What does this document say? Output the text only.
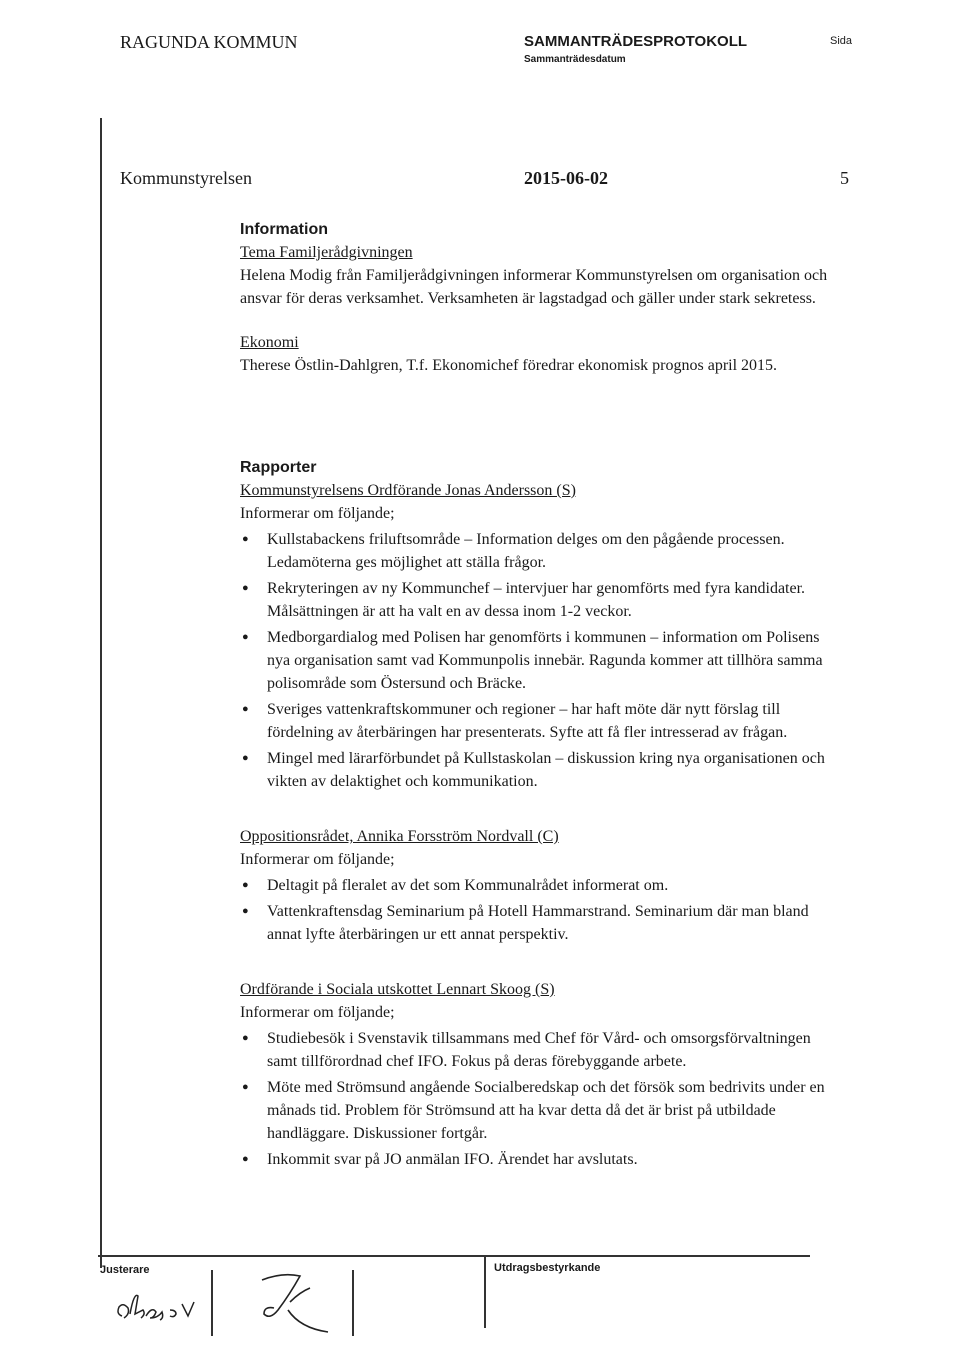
RAGUNDA KOMMUN	SAMMANTRÄDESPROTOKOLL
Sammanträdesdatum
Sida
Kommunstyrelsen	2015-06-02	5

Information

Tema Familjerådgivningen

Helena Modig från Familjerådgivningen informerar Kommunstyrelsen om organisation och ansvar för deras verksamhet. Verksamheten är lagstadgad och gäller under stark sekretess.

Ekonomi

Therese Östlin-Dahlgren, T.f. Ekonomichef föredrar ekonomisk prognos april 2015.

Rapporter

Kommunstyrelsens Ordförande Jonas Andersson (S)

Informerar om följande;

● Kullstabackens friluftsområde – Information delges om den pågående processen. Ledamöterna ges möjlighet att ställa frågor.
● Rekryteringen av ny Kommunchef – intervjuer har genomförts med fyra kandidater. Målsättningen är att ha valt en av dessa inom 1-2 veckor.
● Medborgardialog med Polisen har genomförts i kommunen – information om Polisens nya organisation samt vad Kommunpolis innebär. Ragunda kommer att tillhöra samma polisområde som Östersund och Bräcke.
● Sveriges vattenkraftskommuner och regioner – har haft möte där nytt förslag till fördelning av återbäringen har presenterats. Syfte att få fler intresserad av frågan.
● Mingel med lärarförbundet på Kullstaskolan – diskussion kring nya organisationen och vikten av delaktighet och kommunikation.

Oppositionsrådet, Annika Forsström Nordvall (C)

Informerar om följande;

● Deltagit på fleralet av det som Kommunalrådet informerat om.
● Vattenkraftensdag Seminarium på Hotell Hammarstrand. Seminarium där man bland annat lyfte återbäringen ur ett annat perspektiv.

Ordförande i Sociala utskottet Lennart Skoog (S)

Informerar om följande;

● Studiebesök i Svenstavik tillsammans med Chef för Vård- och omsorgsförvaltningen samt tillförordnad chef IFO. Fokus på deras förebyggande arbete.
● Möte med Strömsund angående Socialberedskap och det försök som bedrivits under en månads tid. Problem för Strömsund att ha kvar detta då det är brist på utbildade handläggare. Diskussioner fortgår.
● Inkommit svar på JO anmälan IFO. Ärendet har avslutats.
Justerare	Utdragsbestyrkande
